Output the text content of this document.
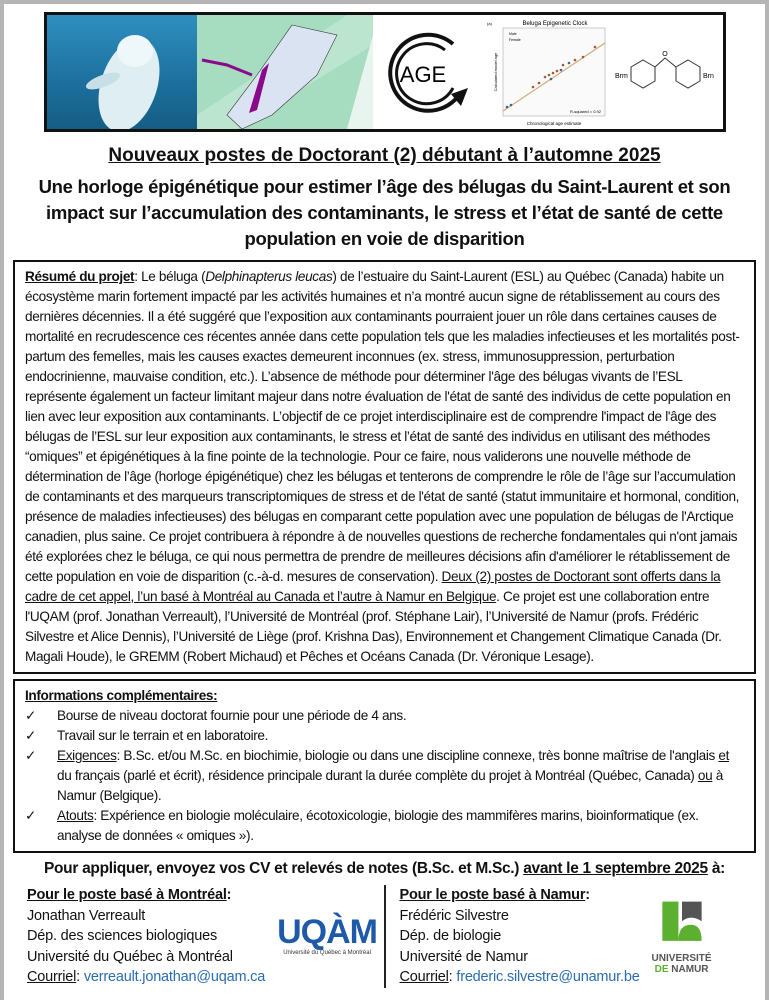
AGE
(a)	Beluga Epigenetic Clock
Male
Female
R-squared = 0.92
Chronological age estimate
Calculated model age	O
Brm	Brn
Nouveaux postes de Doctorant (2) débutant à l’automne 2025
Une horloge épigénétique pour estimer l’âge des bélugas du Saint-Laurent et son impact sur l’accumulation des contaminants, le stress et l’état de santé de cette population en voie de disparition
Résumé du projet: Le béluga (Delphinapterus leucas) de l’estuaire du Saint-Laurent (ESL) au Québec (Canada) habite un écosystème marin fortement impacté par les activités humaines et n’a montré aucun signe de rétablissement au cours des dernières décennies. Il a été suggéré que l’exposition aux contaminants pourraient jouer un rôle dans certaines causes de mortalité en recrudescence ces récentes année dans cette population tels que les maladies infectieuses et les mortalités post-partum des femelles, mais les causes exactes demeurent inconnues (ex. stress, immunosuppression, perturbation endocrinienne, mauvaise condition, etc.). L’absence de méthode pour déterminer l'âge des bélugas vivants de l’ESL représente également un facteur limitant majeur dans notre évaluation de l'état de santé des individus de cette population en lien avec leur exposition aux contaminants. L’objectif de ce projet interdisciplinaire est de comprendre l'impact de l'âge des bélugas de l’ESL sur leur exposition aux contaminants, le stress et l’état de santé des individus en utilisant des méthodes “omiques” et épigénétiques à la fine pointe de la technologie. Pour ce faire, nous validerons une nouvelle méthode de détermination de l’âge (horloge épigénétique) chez les bélugas et tenterons de comprendre le rôle de l’âge sur l’accumulation de contaminants et des marqueurs transcriptomiques de stress et de l'état de santé (statut immunitaire et hormonal, condition, présence de maladies infectieuses) des bélugas en comparant cette population avec une population de bélugas de l'Arctique canadien, plus saine. Ce projet contribuera à répondre à de nouvelles questions de recherche fondamentales qui n'ont jamais été explorées chez le béluga, ce qui nous permettra de prendre de meilleures décisions afin d'améliorer le rétablissement de cette population en voie de disparition (c.-à-d. mesures de conservation). Deux (2) postes de Doctorant sont offerts dans la cadre de cet appel, l’un basé à Montréal au Canada et l’autre à Namur en Belgique. Ce projet est une collaboration entre l'UQAM (prof. Jonathan Verreault), l’Université de Montréal (prof. Stéphane Lair), l’Université de Namur (profs. Frédéric Silvestre et Alice Dennis), l’Université de Liège (prof. Krishna Das), Environnement et Changement Climatique Canada (Dr. Magali Houde), le GREMM (Robert Michaud) et Pêches et Océans Canada (Dr. Véronique Lesage).
Informations complémentaires:
✓	Bourse de niveau doctorat fournie pour une période de 4 ans.
✓	Travail sur le terrain et en laboratoire.
✓	Exigences: B.Sc. et/ou M.Sc. en biochimie, biologie ou dans une discipline connexe, très bonne maîtrise de l'anglais et du français (parlé et écrit), résidence principale durant la durée complète du projet à Montréal (Québec, Canada) ou à Namur (Belgique).
✓	Atouts: Expérience en biologie moléculaire, écotoxicologie, biologie des mammifères marins, bioinformatique (ex. analyse de données « omiques »).
Pour appliquer, envoyez vos CV et relevés de notes (B.Sc. et M.Sc.) avant le 1 septembre 2025 à:
Pour le poste basé à Montréal:
Jonathan Verreault
Dép. des sciences biologiques
Université du Québec à Montréal
Courriel: verreault.jonathan@uqam.ca
UQÀM
Université du Québec à Montréal
Pour le poste basé à Namur:
Frédéric Silvestre
Dép. de biologie
Université de Namur
Courriel: frederic.silvestre@unamur.be
UNIVERSITÉ
DE NAMUR
